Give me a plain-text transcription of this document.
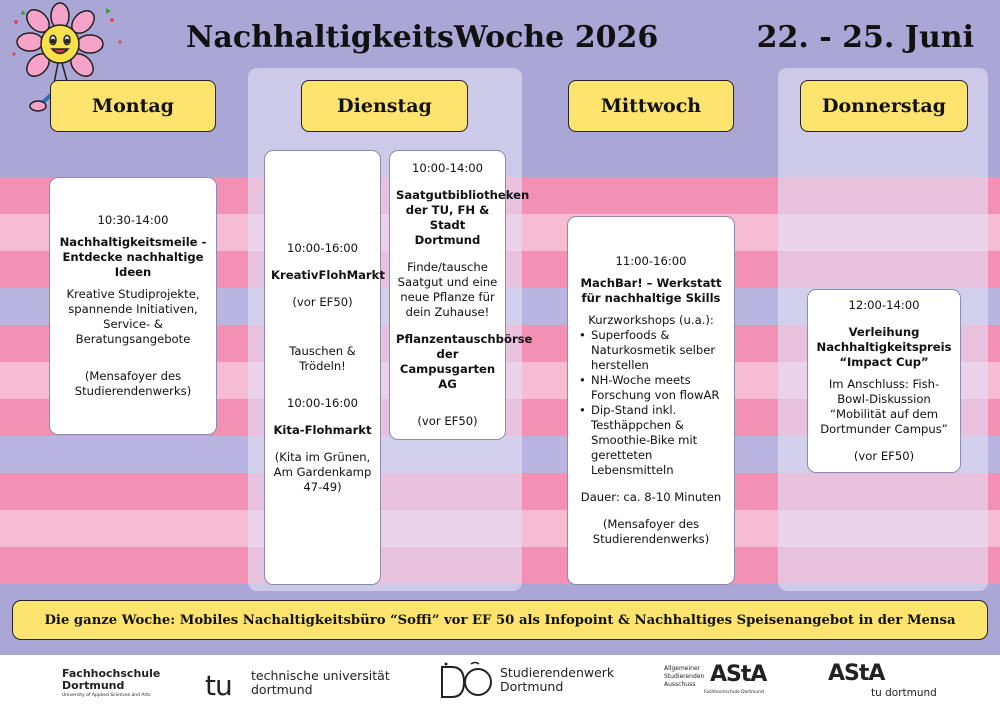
NachhaltigkeitsWoche 2026	22. - 25. Juni
Montag	Dienstag	Mittwoch	Donnerstag
10:30-14:00
Nachhaltigkeitsmeile - Entdecke nachhaltige Ideen
Kreative Studiprojekte, spannende Initiativen, Service- & Beratungsangebote
(Mensafoyer des Studierendenwerks)
10:00-16:00
KreativFlohMarkt
(vor EF50)
Tauschen & Trödeln!
10:00-16:00
Kita-Flohmarkt
(Kita im Grünen, Am Gardenkamp 47-49)
10:00-14:00
Saatgutbibliotheken der TU, FH & Stadt Dortmund
Finde/tausche Saatgut und eine neue Pflanze für dein Zuhause!
Pflanzentauschbörse der Campusgarten AG
(vor EF50)
11:00-16:00
MachBar! – Werkstatt für nachhaltige Skills
Kurzworkshops (u.a.):
• Superfoods & Naturkosmetik selber herstellen
• NH-Woche meets Forschung von flowAR
• Dip-Stand inkl. Testhäppchen & Smoothie-Bike mit geretteten Lebensmitteln
Dauer: ca. 8-10 Minuten
(Mensafoyer des Studierendenwerks)
12:00-14:00
Verleihung Nachhaltigkeitspreis “Impact Cup”
Im Anschluss: Fish-Bowl-Diskussion “Mobilität auf dem Dortmunder Campus”
(vor EF50)
Die ganze Woche: Mobiles Nachaltigkeitsbüro “Soffi” vor EF 50 als Infopoint & Nachhaltiges Speisenangebot in der Mensa
Fachhochschule
Dortmund
University of Applied Sciences and Arts	tu technische universität
dortmund
Studierendenwerk
Dortmund
Allgemeiner
Studierenden
Ausschuss AStA
Fachhochschule Dortmund
AStA
tu dortmund
